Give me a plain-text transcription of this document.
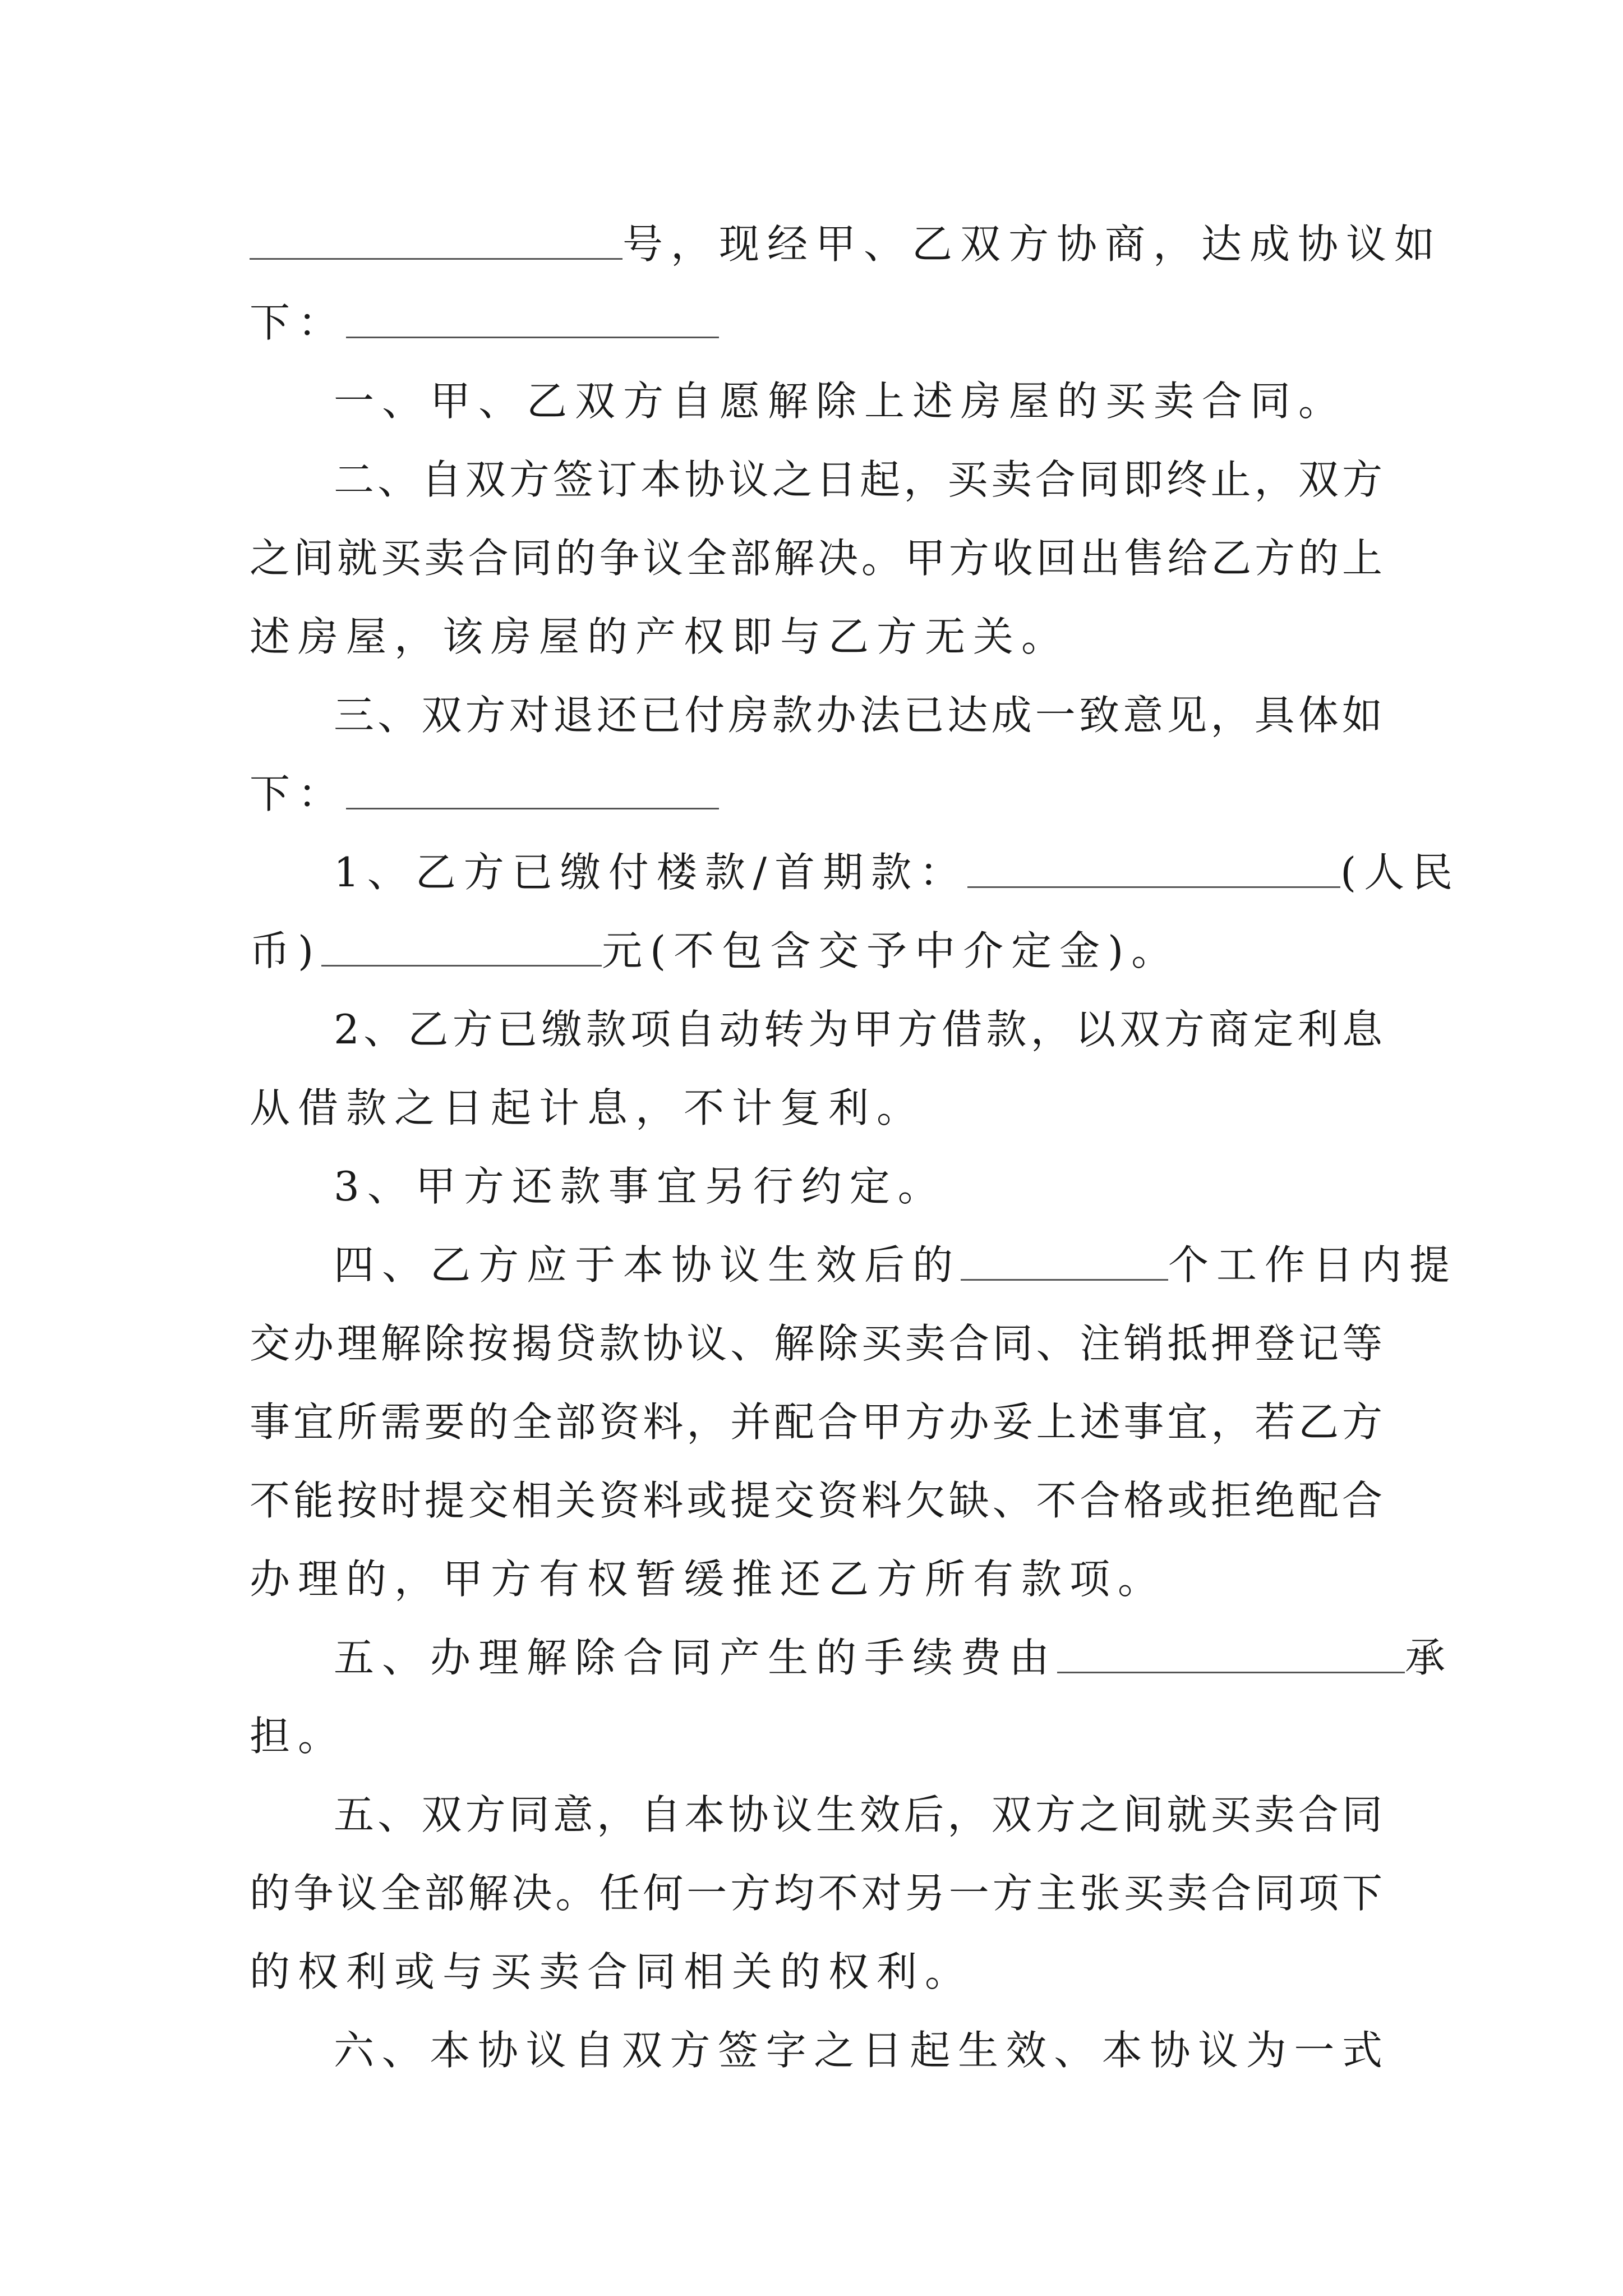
号，现经甲、乙双方协商，达成协议如
下：
一、甲、乙双方自愿解除上述房屋的买卖合同。
二、自双方签订本协议之日起，买卖合同即终止，双方
之间就买卖合同的争议全部解决。甲方收回出售给乙方的上
述房屋，该房屋的产权即与乙方无关。
三、双方对退还已付房款办法已达成一致意见，具体如
下：
1、乙方已缴付楼款/首期款：	(人民
币)	元(不包含交予中介定金)。
2、乙方已缴款项自动转为甲方借款，以双方商定利息
从借款之日起计息，不计复利。
3、甲方还款事宜另行约定。
四、乙方应于本协议生效后的	个工作日内提
交办理解除按揭贷款协议、解除买卖合同、注销抵押登记等
事宜所需要的全部资料，并配合甲方办妥上述事宜，若乙方
不能按时提交相关资料或提交资料欠缺、不合格或拒绝配合
办理的，甲方有权暂缓推还乙方所有款项。
五、办理解除合同产生的手续费由	承
担。
五、双方同意，自本协议生效后，双方之间就买卖合同
的争议全部解决。任何一方均不对另一方主张买卖合同项下
的权利或与买卖合同相关的权利。
六、本协议自双方签字之日起生效、本协议为一式
